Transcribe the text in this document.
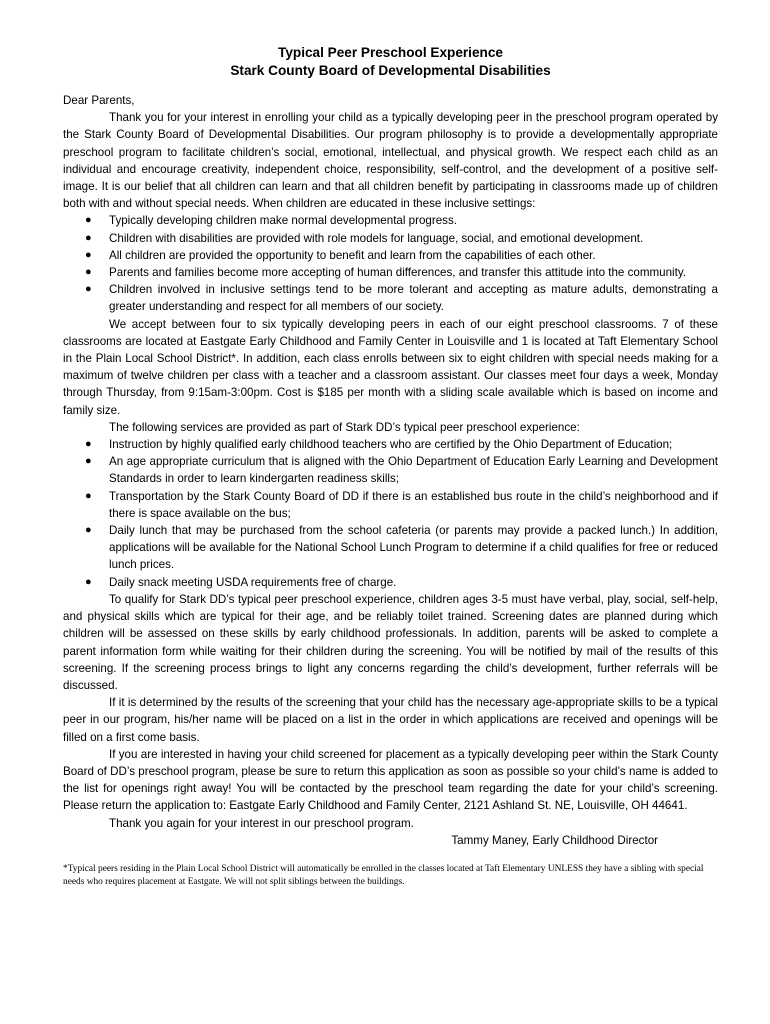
Typical Peer Preschool Experience
Stark County Board of Developmental Disabilities

Dear Parents,

Thank you for your interest in enrolling your child as a typically developing peer in the preschool program operated by the Stark County Board of Developmental Disabilities. Our program philosophy is to provide a developmentally appropriate preschool program to facilitate children’s social, emotional, intellectual, and physical growth. We respect each child as an individual and encourage creativity, independent choice, responsibility, self-control, and the development of a positive self-image. It is our belief that all children can learn and that all children benefit by participating in classrooms made up of children both with and without special needs. When children are educated in these inclusive settings:

● Typically developing children make normal developmental progress.
● Children with disabilities are provided with role models for language, social, and emotional development.
● All children are provided the opportunity to benefit and learn from the capabilities of each other.
● Parents and families become more accepting of human differences, and transfer this attitude into the community.
● Children involved in inclusive settings tend to be more tolerant and accepting as mature adults, demonstrating a greater understanding and respect for all members of our society.

We accept between four to six typically developing peers in each of our eight preschool classrooms. 7 of these classrooms are located at Eastgate Early Childhood and Family Center in Louisville and 1 is located at Taft Elementary School in the Plain Local School District*. In addition, each class enrolls between six to eight children with special needs making for a maximum of twelve children per class with a teacher and a classroom assistant. Our classes meet four days a week, Monday through Thursday, from 9:15am-3:00pm. Cost is $185 per month with a sliding scale available which is based on income and family size.

The following services are provided as part of Stark DD’s typical peer preschool experience:

● Instruction by highly qualified early childhood teachers who are certified by the Ohio Department of Education;
● An age appropriate curriculum that is aligned with the Ohio Department of Education Early Learning and Development Standards in order to learn kindergarten readiness skills;
● Transportation by the Stark County Board of DD if there is an established bus route in the child’s neighborhood and if there is space available on the bus;
● Daily lunch that may be purchased from the school cafeteria (or parents may provide a packed lunch.) In addition, applications will be available for the National School Lunch Program to determine if a child qualifies for free or reduced lunch prices.
● Daily snack meeting USDA requirements free of charge.

To qualify for Stark DD’s typical peer preschool experience, children ages 3-5 must have verbal, play, social, self-help, and physical skills which are typical for their age, and be reliably toilet trained. Screening dates are planned during which children will be assessed on these skills by early childhood professionals. In addition, parents will be asked to complete a parent information form while waiting for their children during the screening. You will be notified by mail of the results of this screening. If the screening process brings to light any concerns regarding the child’s development, further referrals will be discussed.

If it is determined by the results of the screening that your child has the necessary age-appropriate skills to be a typical peer in our program, his/her name will be placed on a list in the order in which applications are received and openings will be filled on a first come basis.

If you are interested in having your child screened for placement as a typically developing peer within the Stark County Board of DD’s preschool program, please be sure to return this application as soon as possible so your child’s name is added to the list for openings right away! You will be contacted by the preschool team regarding the date for your child’s screening. Please return the application to: Eastgate Early Childhood and Family Center, 2121 Ashland St. NE, Louisville, OH 44641.

Thank you again for your interest in our preschool program.

Tammy Maney, Early Childhood Director

*Typical peers residing in the Plain Local School District will automatically be enrolled in the classes located at Taft Elementary UNLESS they have a sibling with special needs who requires placement at Eastgate. We will not split siblings between the buildings.
